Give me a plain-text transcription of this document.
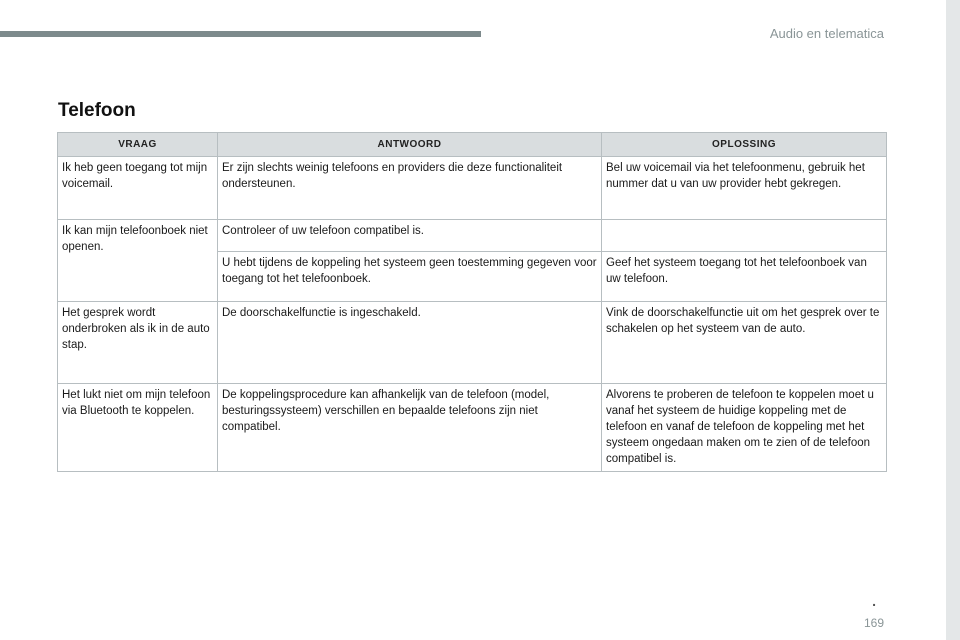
Audio en telematica
Telefoon
VRAAG	ANTWOORD	OPLOSSING
Ik heb geen toegang tot mijn voicemail.	Er zijn slechts weinig telefoons en providers die deze functionaliteit ondersteunen.	Bel uw voicemail via het telefoonmenu, gebruik het nummer dat u van uw provider hebt gekregen.
Ik kan mijn telefoonboek niet openen.	Controleer of uw telefoon compatibel is.	
	U hebt tijdens de koppeling het systeem geen toestemming gegeven voor toegang tot het telefoonboek.	Geef het systeem toegang tot het telefoonboek van uw telefoon.
Het gesprek wordt onderbroken als ik in de auto stap.	De doorschakelfunctie is ingeschakeld.	Vink de doorschakelfunctie uit om het gesprek over te schakelen op het systeem van de auto.
Het lukt niet om mijn telefoon via Bluetooth te koppelen.	De koppelingsprocedure kan afhankelijk van de telefoon (model, besturingssysteem) verschillen en bepaalde telefoons zijn niet compatibel.	Alvorens te proberen de telefoon te koppelen moet u vanaf het systeem de huidige koppeling met de telefoon en vanaf de telefoon de koppeling met het systeem ongedaan maken om te zien of de telefoon compatibel is.
.
169
